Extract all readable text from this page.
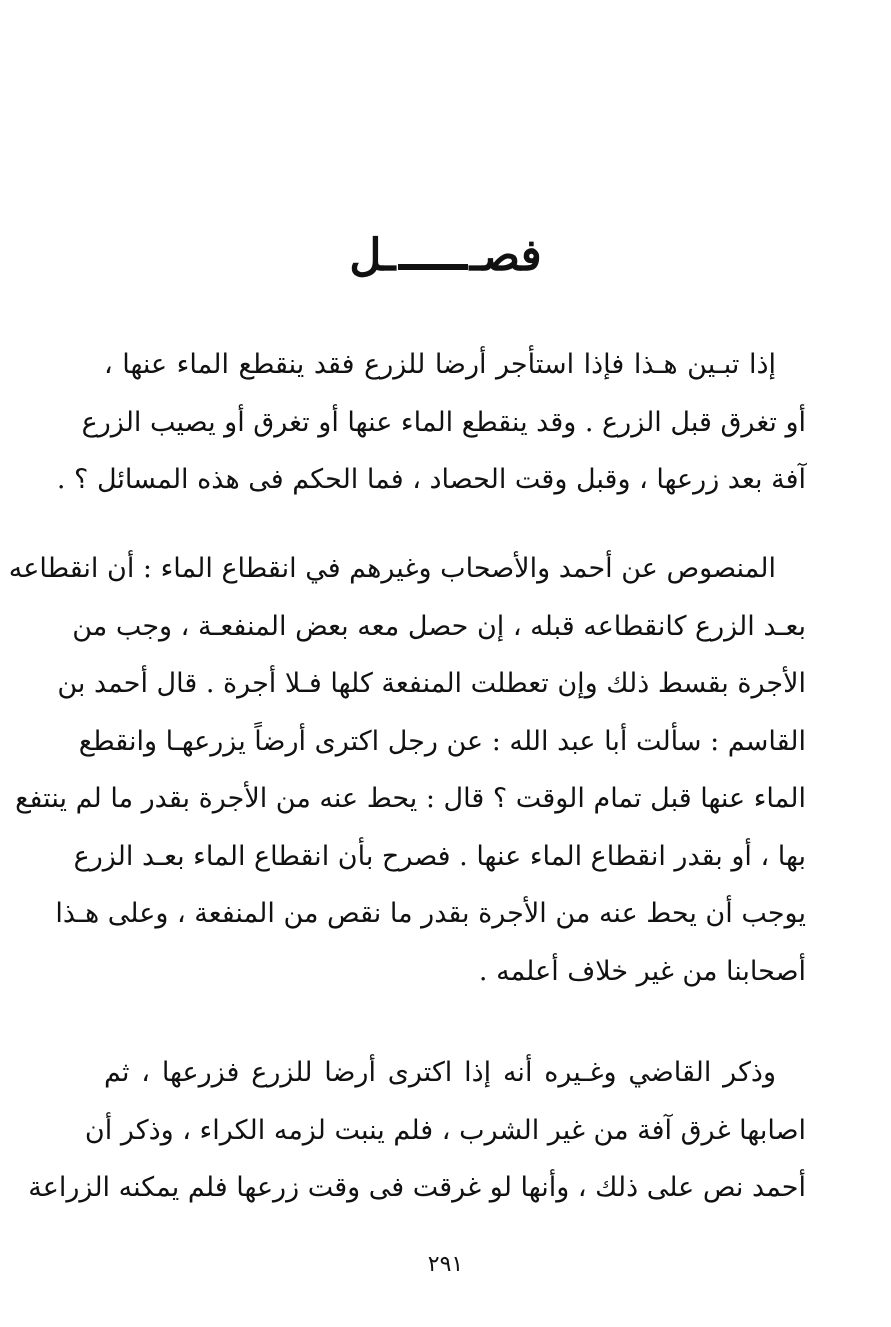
فصــل
إذا تبـين هـذا فإذا استأجر أرضا للزرع فقد ينقطع الماء عنها ،
أو تغرق قبل الزرع . وقد ينقطع الماء عنها أو تغرق أو يصيب الزرع
آفة بعد زرعها ، وقبل وقت الحصاد ، فما الحكم فى هذه المسائل ؟ .
المنصوص عن أحمد والأصحاب وغيرهم في انقطاع الماء : أن انقطاعه
بعـد الزرع كانقطاعه قبله ، إن حصل معه بعض المنفعـة ، وجب من
الأجرة بقسط ذلك وإن تعطلت المنفعة كلها فـلا أجرة . قال أحمد بن
القاسم : سألت أبا عبد الله : عن رجل اكترى أرضاً يزرعهـا وانقطع
الماء عنها قبل تمام الوقت ؟ قال : يحط عنه من الأجرة بقدر ما لم ينتفع
بها ، أو بقدر انقطاع الماء عنها . فصرح بأن انقطاع الماء بعـد الزرع
يوجب أن يحط عنه من الأجرة بقدر ما نقص من المنفعة ، وعلى هـذا
أصحابنا من غير خلاف أعلمه .
وذكر القاضي وغـيره أنه إذا اكترى أرضا للزرع فزرعها ، ثم
اصابها غرق آفة من غير الشرب ، فلم ينبت لزمه الكراء ، وذكر أن
أحمد نص على ذلك ، وأنها لو غرقت فى وقت زرعها فلم يمكنه الزراعة
٢٩١
